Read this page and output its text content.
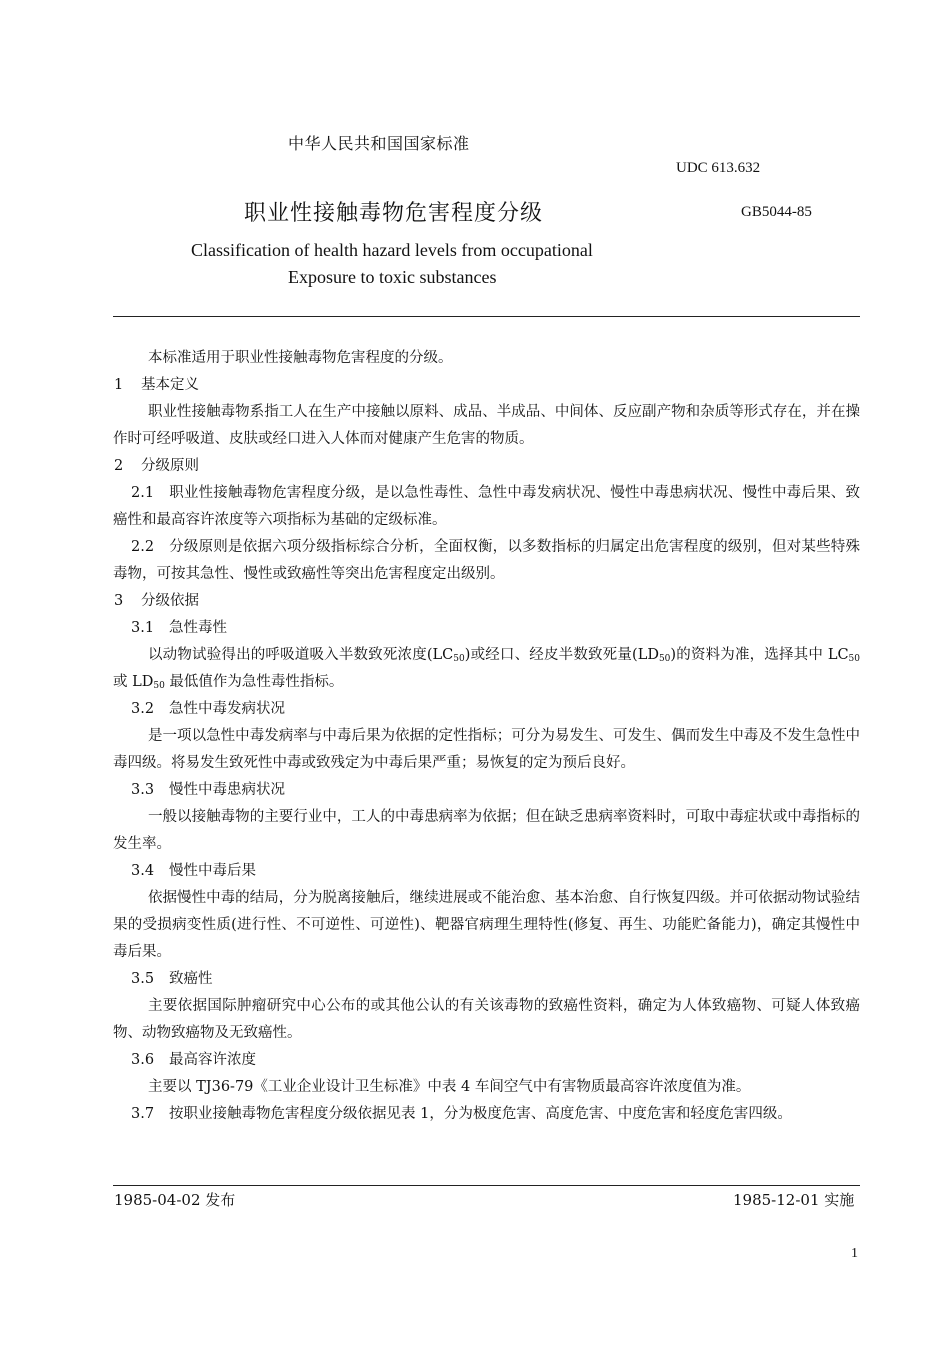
中华人民共和国国家标准
UDC 613.632
职业性接触毒物危害程度分级	GB5044-85
Classification of health hazard levels from occupational
Exposure to toxic substances

本标准适用于职业性接触毒物危害程度的分级。

1 基本定义

职业性接触毒物系指工人在生产中接触以原料、成品、半成品、中间体、反应副产物和杂质等形式存在，并在操作时可经呼吸道、皮肤或经口进入人体而对健康产生危害的物质。

2 分级原则

2.1 职业性接触毒物危害程度分级，是以急性毒性、急性中毒发病状况、慢性中毒患病状况、慢性中毒后果、致癌性和最高容许浓度等六项指标为基础的定级标准。

2.2 分级原则是依据六项分级指标综合分析，全面权衡，以多数指标的归属定出危害程度的级别，但对某些特殊毒物，可按其急性、慢性或致癌性等突出危害程度定出级别。

3 分级依据

3.1 急性毒性

以动物试验得出的呼吸道吸入半数致死浓度$(LC_{50})$或经口、经皮半数致死量$(LD_{50})$的资料为准，选择其中 $LC_{50}$ 或 $LD_{50}$ 最低值作为急性毒性指标。

3.2 急性中毒发病状况

是一项以急性中毒发病率与中毒后果为依据的定性指标；可分为易发生、可发生、偶而发生中毒及不发生急性中毒四级。将易发生致死性中毒或致残定为中毒后果严重；易恢复的定为预后良好。

3.3 慢性中毒患病状况

一般以接触毒物的主要行业中，工人的中毒患病率为依据；但在缺乏患病率资料时，可取中毒症状或中毒指标的发生率。

3.4 慢性中毒后果

依据慢性中毒的结局，分为脱离接触后，继续进展或不能治愈、基本治愈、自行恢复四级。并可依据动物试验结果的受损病变性质(进行性、不可逆性、可逆性)、靶器官病理生理特性(修复、再生、功能贮备能力)，确定其慢性中毒后果。

3.5 致癌性

主要依据国际肿瘤研究中心公布的或其他公认的有关该毒物的致癌性资料，确定为人体致癌物、可疑人体致癌物、动物致癌物及无致癌性。

3.6 最高容许浓度

主要以 TJ36-79《工业企业设计卫生标准》中表 4 车间空气中有害物质最高容许浓度值为准。

3.7 按职业接触毒物危害程度分级依据见表 1，分为极度危害、高度危害、中度危害和轻度危害四级。

1985-04-02 发布	1985-12-01 实施
1
